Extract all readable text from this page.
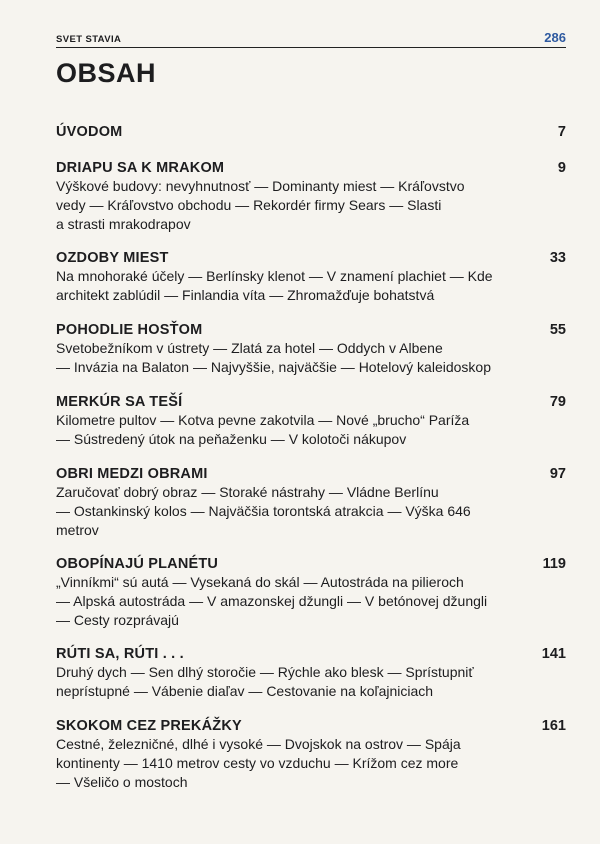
SVET STAVIA	286
OBSAH
ÚVODOM	7
DRIAPU SA K MRAKOM	9
Výškové budovy: nevyhnutnosť — Dominanty miest — Kráľovstvo
vedy — Kráľovstvo obchodu — Rekordér firmy Sears — Slasti
a strasti mrakodrapov
OZDOBY MIEST	33
Na mnohoraké účely — Berlínsky klenot — V znamení plachiet — Kde
architekt zablúdil — Finlandia víta — Zhromažďuje bohatstvá
POHODLIE HOSŤOM	55
Svetobežníkom v ústrety — Zlatá za hotel — Oddych v Albene
— Invázia na Balaton — Najvyššie, najväčšie — Hotelový kaleidoskop
MERKÚR SA TEŠÍ	79
Kilometre pultov — Kotva pevne zakotvila — Nové „brucho“ Paríža
— Sústredený útok na peňaženku — V kolotoči nákupov
OBRI MEDZI OBRAMI	97
Zaručovať dobrý obraz — Storaké nástrahy — Vládne Berlínu
— Ostankinský kolos — Najväčšia torontská atrakcia — Výška 646
metrov
OBOPÍNAJÚ PLANÉTU	119
„Vinníkmi“ sú autá — Vysekaná do skál — Autostráda na pilieroch
— Alpská autostráda — V amazonskej džungli — V betónovej džungli
— Cesty rozprávajú
RÚTI SA, RÚTI . . .	141
Druhý dych — Sen dlhý storočie — Rýchle ako blesk — Sprístupniť
neprístupné — Vábenie diaľav — Cestovanie na koľajniciach
SKOKOM CEZ PREKÁŽKY	161
Cestné, železničné, dlhé i vysoké — Dvojskok na ostrov — Spája
kontinenty — 1410 metrov cesty vo vzduchu — Krížom cez more
— Všeličo o mostoch
